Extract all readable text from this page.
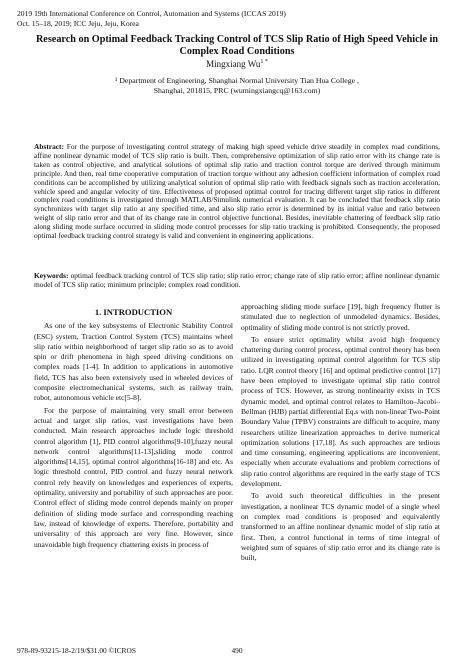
2019 19th International Conference on Control, Automation and Systems (ICCAS 2019)
Oct. 15–18, 2019; ICC Jeju, Jeju, Korea
Research on Optimal Feedback Tracking Control of TCS Slip Ratio of High Speed Vehicle in Complex Road Conditions
Mingxiang $Wu^{1 *}$
¹ Department of Engineering, Shanghai Normal University Tian Hua College ,
Shanghai, 201815, PRC (wumingxiangcq@163.com)
Abstract: For the purpose of investigating control strategy of making high speed vehicle drive steadily in complex road conditions, affine nonlinear dynamic model of TCS slip ratio is built. Then, comprehensive optimization of slip ratio error with its change rate is taken as control objective, and analytical solutions of optimal slip ratio and traction control torque are derived through minimum principle. And then, real time cooperative computation of traction torque without any adhesion coefficient information of complex road conditions can be accomplished by utilizing analytical solution of optimal slip ratio with feedback signals such as traction acceleration, vehicle speed and angular velocity of tire. Effectiveness of proposed optimal control for tracing different target slip ratios in different complex road conditions is investigated through MATLAB/Simulink numerical evaluation. It can be concluded that feedback slip ratio synchronizes with target slip ratio at any specified time, and also slip ratio error is determined by its initial value and ratio between weight of slip ratio error and that of its change rate in control objective functional. Besides, inevitable chattering of feedback slip ratio along sliding mode surface occurred in sliding mode control processes for slip ratio tracking is prohibited. Consequently, the proposed optimal feedback tracking control strategy is valid and convenient in engineering applications.
Keywords: optimal feedback tracking control of TCS slip ratio; slip ratio error; change rate of slip ratio error; affine nonlinear dynamic model of TCS slip ratio; minimum principle; complex road condition.
1. INTRODUCTION

As one of the key subsystems of Electronic Stability Control (ESC) system, Traction Control System (TCS) maintains wheel slip ratio within neighborhood of target slip ratio so as to avoid spin or drift phenomena in high speed driving conditions on complex roads [1-4]. In addition to applications in automotive field, TCS has also been extensively used in wheeled devices of composite electromechanical systems, such as railway train, robot, autonomous vehicle etc[5-8].

For the purpose of maintaining very small error between actual and target slip ratios, vast investigations have been conducted. Main research approaches include logic threshold control algorithm [1], PID control algorithms[9-10],fuzzy neural network control algorithms[11-13],sliding mode control algorithms[14,15], optimal control algorithms[16-18] and etc. As logic threshold control, PID control and fuzzy neural network control rely heavily on knowledges and experiences of experts, optimality, university and portability of such approaches are poor. Control effect of sliding mode control depends mainly on proper definition of sliding mode surface and corresponding reaching law, instead of knowledge of experts. Therefore, portability and universality of this approach are very fine. However, since unavoidable high frequency chattering exists in process of

approaching sliding mode surface [19], high frequency flutter is stimulated due to neglection of unmodeled dynamics. Besides, optimality of sliding mode control is not strictly proved.

To ensure strict optimality whilst avoid high frequency chattering during control process, optimal control theory has been utilized in investigating optimal control algorithm for TCS slip ratio. LQR control theory [16] and optimal predictive control [17] have been employed to investigate optimal slip ratio control process of TCS. However, as strong nonlinearity exists in TCS dynamic model, and optimal control relates to Hamilton–Jacobi–Bellman (HJB) partial differential Eq.s with non-linear Two-Point Boundary Value (TPBV) constraints are difficult to acquire, many researchers utilize linearization approaches to derive numerical optimization solutions [17,18]. As such approaches are tedious and time consuming, engineering applications are inconvenient, especially when accurate evaluations and problem corrections of slip ratio control algorithms are required in the early stage of TCS development.

To avoid such theoretical difficulties in the present investigation, a nonlinear TCS dynamic model of a single wheel on complex road conditions is proposed and equivalently transformed to an affine nonlinear dynamic model of slip ratio at first. Then, a control functional in terms of time integral of weighted sum of squares of slip ratio error and its change rate is built,

978-89-93215-18-2/19/$31.00 ©ICROS	490
